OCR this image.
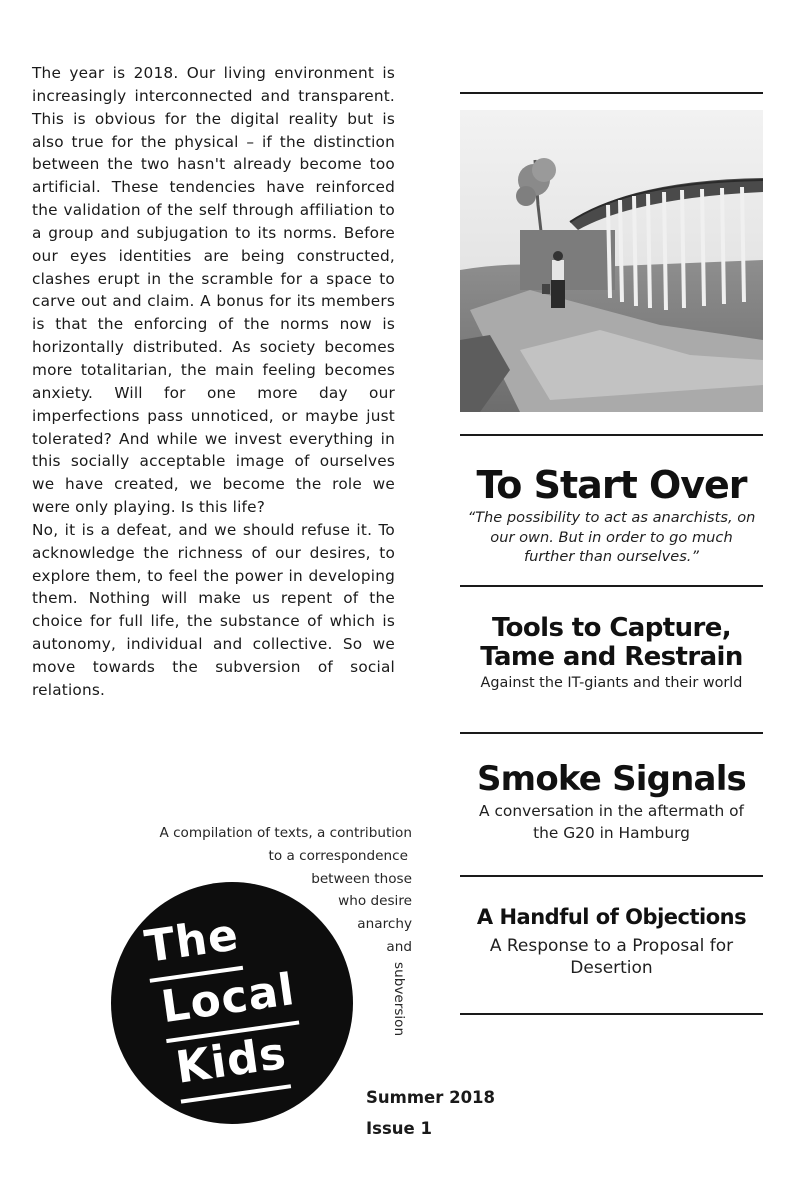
The year is 2018. Our living environment is increasingly interconnected and transparent. This is obvious for the digital reality but is also true for the physical – if the distinction between the two hasn't already become too artificial. These tendencies have reinforced the validation of the self through affiliation to a group and subjugation to its norms. Before our eyes identities are being constructed, clashes erupt in the scramble for a space to carve out and claim. A bonus for its members is that the enforcing of the norms now is horizontally distributed. As society becomes more totalitarian, the main feeling becomes anxiety. Will for one more day our imperfections pass unnoticed, or maybe just tolerated? And while we invest everything in this socially acceptable image of ourselves we have created, we become the role we were only playing. Is this life?

No, it is a defeat, and we should refuse it. To acknowledge the richness of our desires, to explore them, to feel the power in developing them. Nothing will make us repent of the choice for full life, the substance of which is autonomy, individual and collective. So we move towards the subversion of social relations.

To Start Over

“The possibility to act as anarchists, on our own. But in order to go much further than ourselves.”

Tools to Capture, Tame and Restrain

Against the IT-giants and their world

Smoke Signals

A conversation in the aftermath of the G20 in Hamburg

A Handful of Objections

A Response to a Proposal for Desertion

A compilation of texts, a contribution
to a correspondence
between those
who desire
anarchy
and
subversion
The
Local
Kids
Summer 2018
Issue 1
